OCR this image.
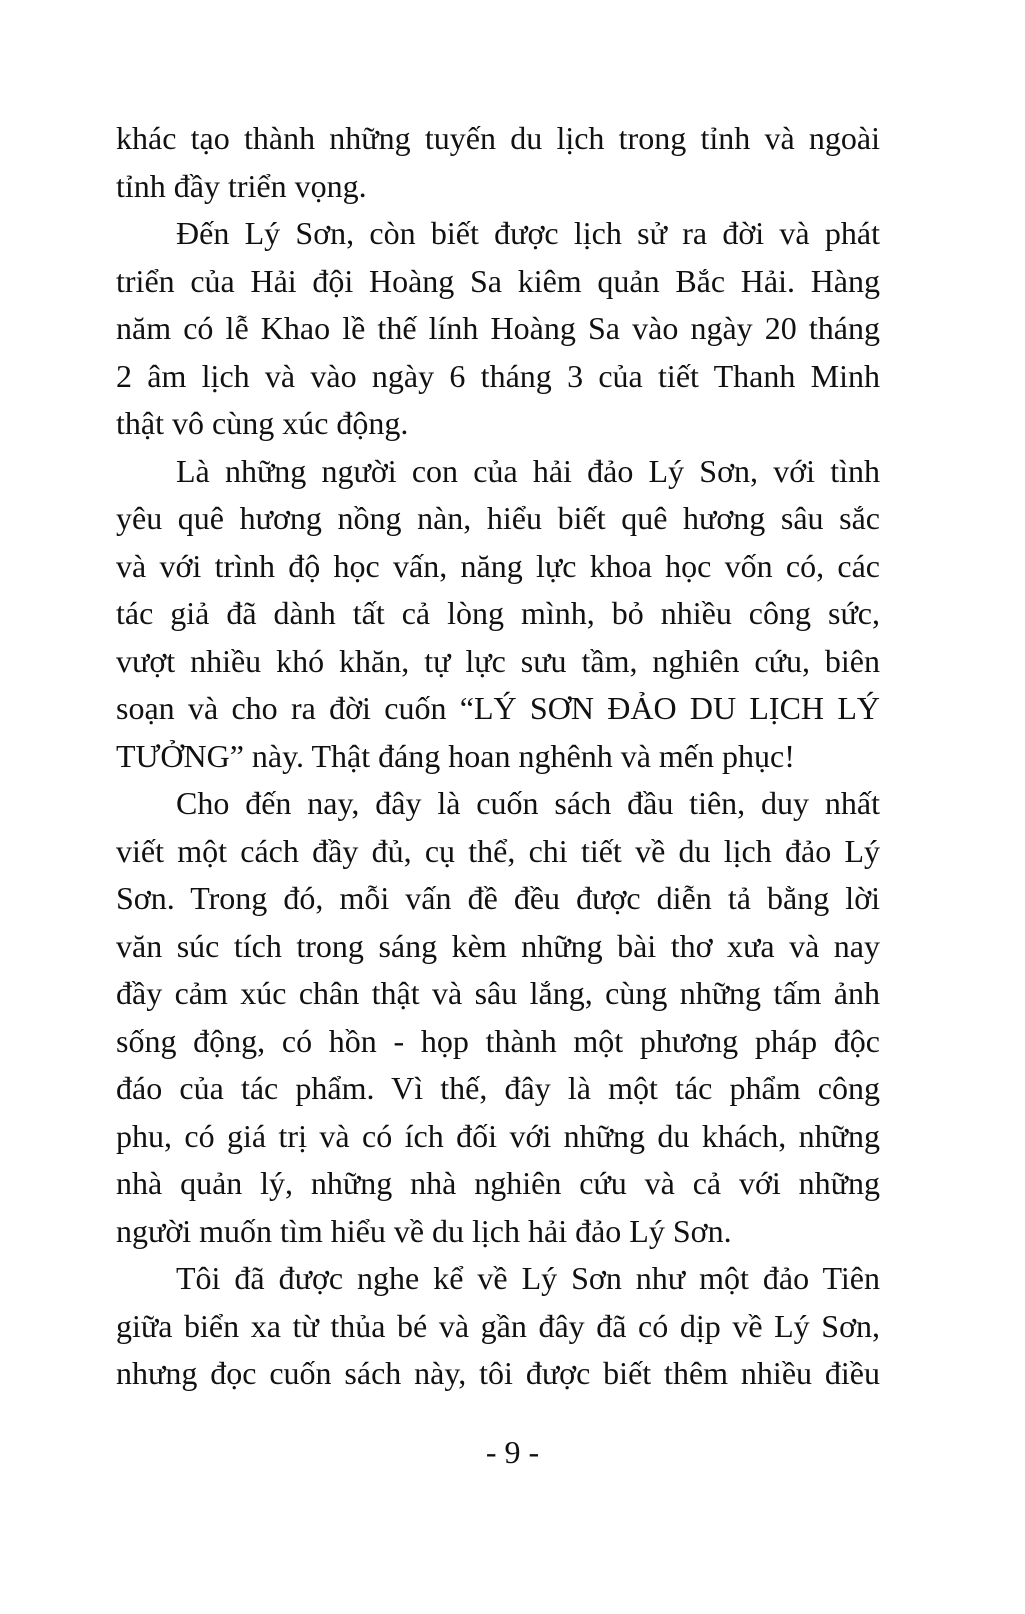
khác tạo thành những tuyến du lịch trong tỉnh và ngoài
tỉnh đầy triển vọng.
Đến Lý Sơn, còn biết được lịch sử ra đời và phát
triển của Hải đội Hoàng Sa kiêm quản Bắc Hải. Hàng
năm có lễ Khao lề thế lính Hoàng Sa vào ngày 20 tháng
2 âm lịch và vào ngày 6 tháng 3 của tiết Thanh Minh
thật vô cùng xúc động.
Là những người con của hải đảo Lý Sơn, với tình
yêu quê hương nồng nàn, hiểu biết quê hương sâu sắc
và với trình độ học vấn, năng lực khoa học vốn có, các
tác giả đã dành tất cả lòng mình, bỏ nhiều công sức,
vượt nhiều khó khăn, tự lực sưu tầm, nghiên cứu, biên
soạn và cho ra đời cuốn “LÝ SƠN ĐẢO DU LỊCH LÝ
TƯỞNG” này. Thật đáng hoan nghênh và mến phục!
Cho đến nay, đây là cuốn sách đầu tiên, duy nhất
viết một cách đầy đủ, cụ thể, chi tiết về du lịch đảo Lý
Sơn. Trong đó, mỗi vấn đề đều được diễn tả bằng lời
văn súc tích trong sáng kèm những bài thơ xưa và nay
đầy cảm xúc chân thật và sâu lắng, cùng những tấm ảnh
sống động, có hồn - họp thành một phương pháp độc
đáo của tác phẩm. Vì thế, đây là một tác phẩm công
phu, có giá trị và có ích đối với những du khách, những
nhà quản lý, những nhà nghiên cứu và cả với những
người muốn tìm hiểu về du lịch hải đảo Lý Sơn.
Tôi đã được nghe kể về Lý Sơn như một đảo Tiên
giữa biển xa từ thủa bé và gần đây đã có dịp về Lý Sơn,
nhưng đọc cuốn sách này, tôi được biết thêm nhiều điều
- 9 -
